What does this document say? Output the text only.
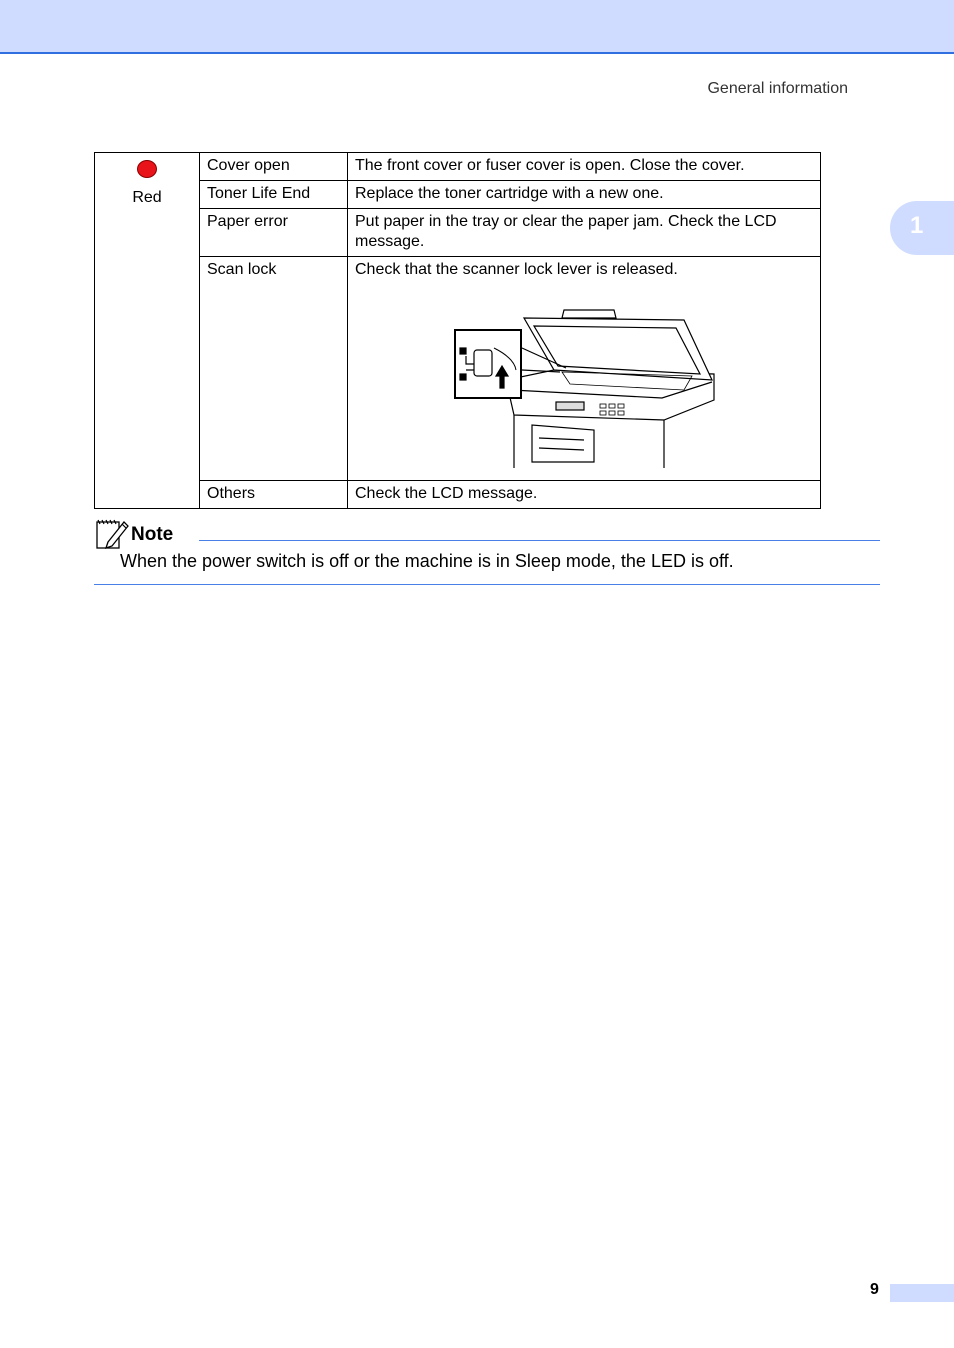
General information
1
Red	Cover open	The front cover or fuser cover is open. Close the cover.
	Toner Life End	Replace the toner cartridge with a new one.
	Paper error	Put paper in the tray or clear the paper jam. Check the LCD message.
	Scan lock	Check that the scanner lock lever is released.

	Others	Check the LCD message.
Note
When the power switch is off or the machine is in Sleep mode, the LED is off.
9
